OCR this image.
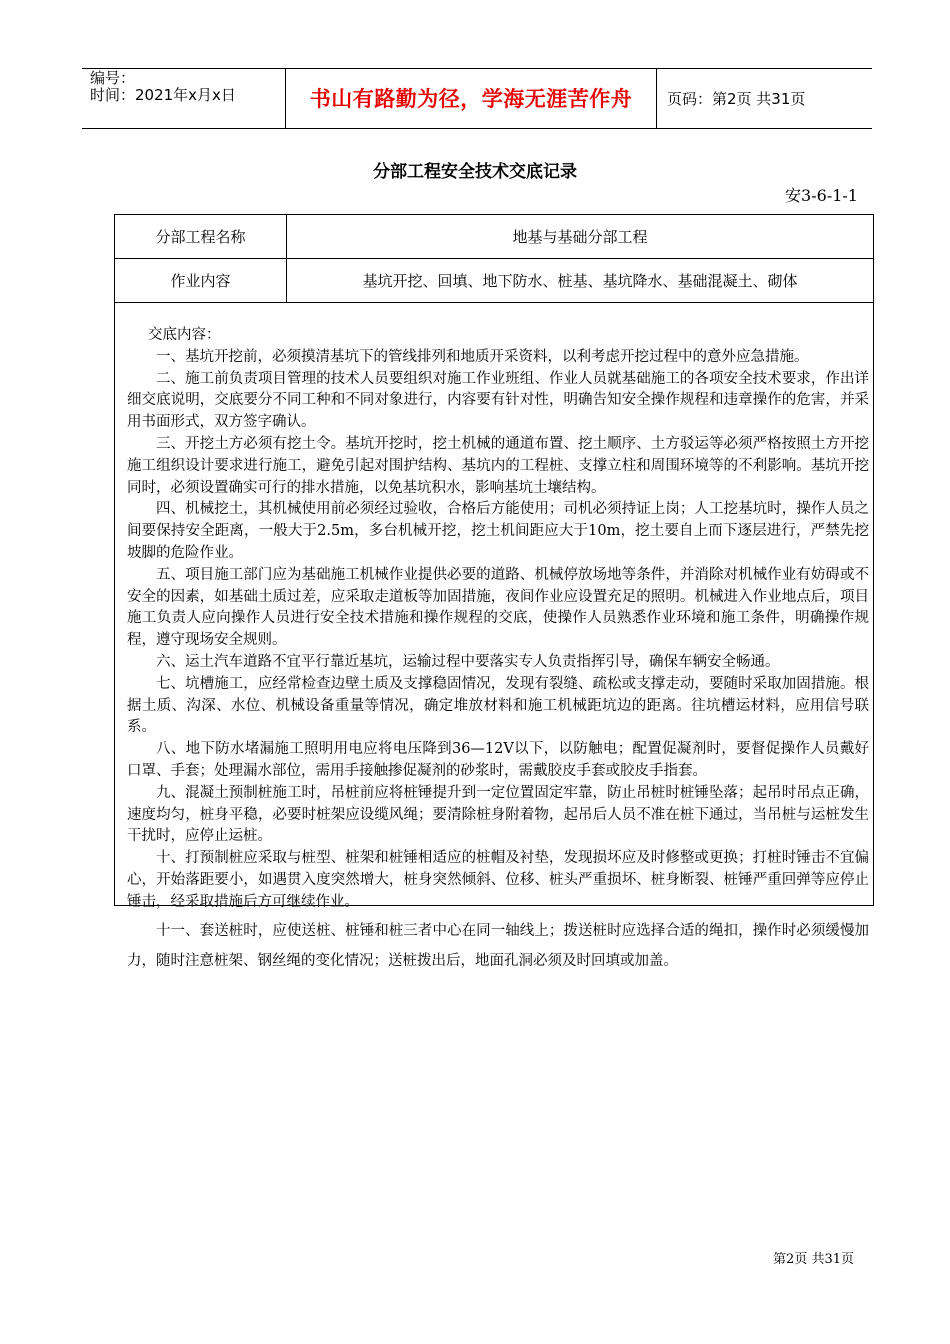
编号：
时间：2021年x月x日	书山有路勤为径，学海无涯苦作舟	页码：第2页 共31页
分部工程安全技术交底记录
安3-6-1-1
分部工程名称	地基与基础分部工程
作业内容	基坑开挖、回填、地下防水、桩基、基坑降水、基础混凝土、砌体

交底内容：

一、基坑开挖前，必须摸清基坑下的管线排列和地质开采资料，以利考虑开挖过程中的意外应急措施。

二、施工前负责项目管理的技术人员要组织对施工作业班组、作业人员就基础施工的各项安全技术要求，作出详细交底说明，交底要分不同工种和不同对象进行，内容要有针对性，明确告知安全操作规程和违章操作的危害，并采用书面形式，双方签字确认。

三、开挖土方必须有挖土令。基坑开挖时，挖土机械的通道布置、挖土顺序、土方驳运等必须严格按照土方开挖施工组织设计要求进行施工，避免引起对围护结构、基坑内的工程桩、支撑立柱和周围环境等的不利影响。基坑开挖同时，必须设置确实可行的排水措施，以免基坑积水，影响基坑土壤结构。

四、机械挖土，其机械使用前必须经过验收，合格后方能使用；司机必须持证上岗；人工挖基坑时，操作人员之间要保持安全距离，一般大于2.5m，多台机械开挖，挖土机间距应大于10m，挖土要自上而下逐层进行，严禁先挖坡脚的危险作业。

五、项目施工部门应为基础施工机械作业提供必要的道路、机械停放场地等条件，并消除对机械作业有妨碍或不安全的因素，如基础土质过差，应采取走道板等加固措施，夜间作业应设置充足的照明。机械进入作业地点后，项目施工负责人应向操作人员进行安全技术措施和操作规程的交底，使操作人员熟悉作业环境和施工条件，明确操作规程，遵守现场安全规则。

六、运土汽车道路不宜平行靠近基坑，运输过程中要落实专人负责指挥引导，确保车辆安全畅通。

七、坑槽施工，应经常检查边壁土质及支撑稳固情况，发现有裂缝、疏松或支撑走动，要随时采取加固措施。根据土质、沟深、水位、机械设备重量等情况，确定堆放材料和施工机械距坑边的距离。往坑槽运材料，应用信号联系。

八、地下防水堵漏施工照明用电应将电压降到36—12V以下，以防触电；配置促凝剂时，要督促操作人员戴好口罩、手套；处理漏水部位，需用手接触掺促凝剂的砂浆时，需戴胶皮手套或胶皮手指套。

九、混凝土预制桩施工时，吊桩前应将桩锤提升到一定位置固定牢靠，防止吊桩时桩锤坠落；起吊时吊点正确，速度均匀，桩身平稳，必要时桩架应设缆风绳；要清除桩身附着物，起吊后人员不准在桩下通过，当吊桩与运桩发生干扰时，应停止运桩。

十、打预制桩应采取与桩型、桩架和桩锤相适应的桩帽及衬垫，发现损坏应及时修整或更换；打桩时锤击不宜偏心，开始落距要小，如遇贯入度突然增大，桩身突然倾斜、位移、桩头严重损坏、桩身断裂、桩锤严重回弹等应停止锤击，经采取措施后方可继续作业。

十一、套送桩时，应使送桩、桩锤和桩三者中心在同一轴线上；拨送桩时应选择合适的绳扣，操作时必须缓慢加力，随时注意桩架、钢丝绳的变化情况；送桩拨出后，地面孔洞必须及时回填或加盖。

第2页 共31页
